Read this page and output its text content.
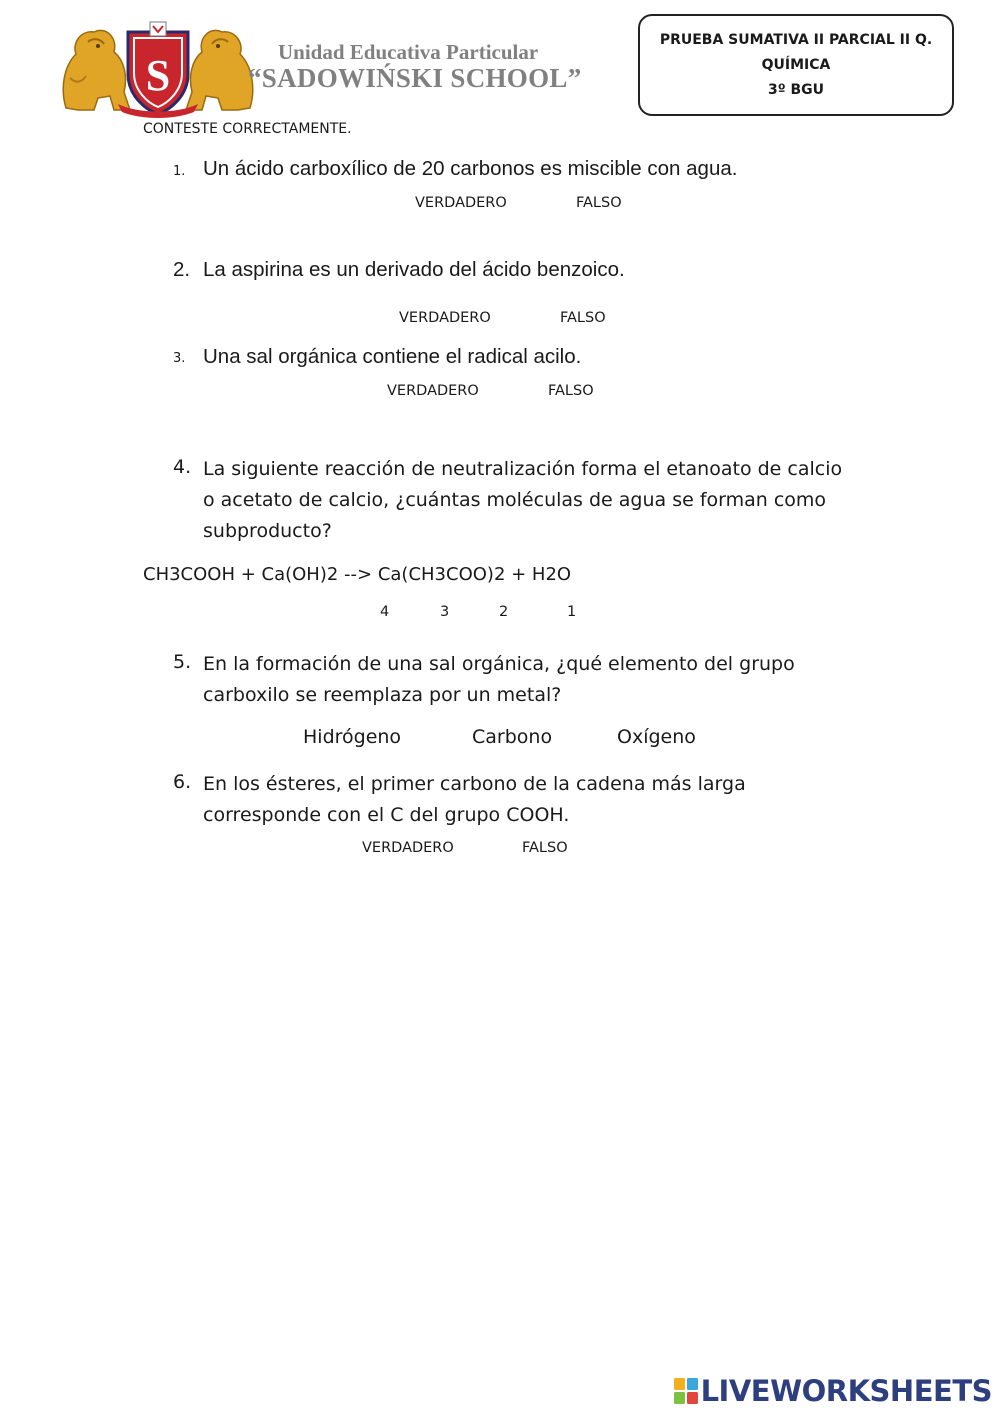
S	Unidad Educativa Particular
“SADOWIŃSKI SCHOOL”
PRUEBA SUMATIVA II PARCIAL II Q.
QUÍMICA
3º BGU
CONTESTE CORRECTAMENTE.
1. Un ácido carboxílico de 20 carbonos es miscible con agua.
VERDADERO	FALSO
2. La aspirina es un derivado del ácido benzoico.
VERDADERO	FALSO
3. Una sal orgánica contiene el radical acilo.
VERDADERO	FALSO
4. La siguiente reacción de neutralización forma el etanoato de calcio
o acetato de calcio, ¿cuántas moléculas de agua se forman como
subproducto?
CH3COOH + Ca(OH)2 --> Ca(CH3COO)2 + H2O
4	3	2	1
5. En la formación de una sal orgánica, ¿qué elemento del grupo
carboxilo se reemplaza por un metal?
Hidrógeno	Carbono	Oxígeno
6. En los ésteres, el primer carbono de la cadena más larga
corresponde con el C del grupo COOH.
VERDADERO	FALSO
LIVEWORKSHEETS
